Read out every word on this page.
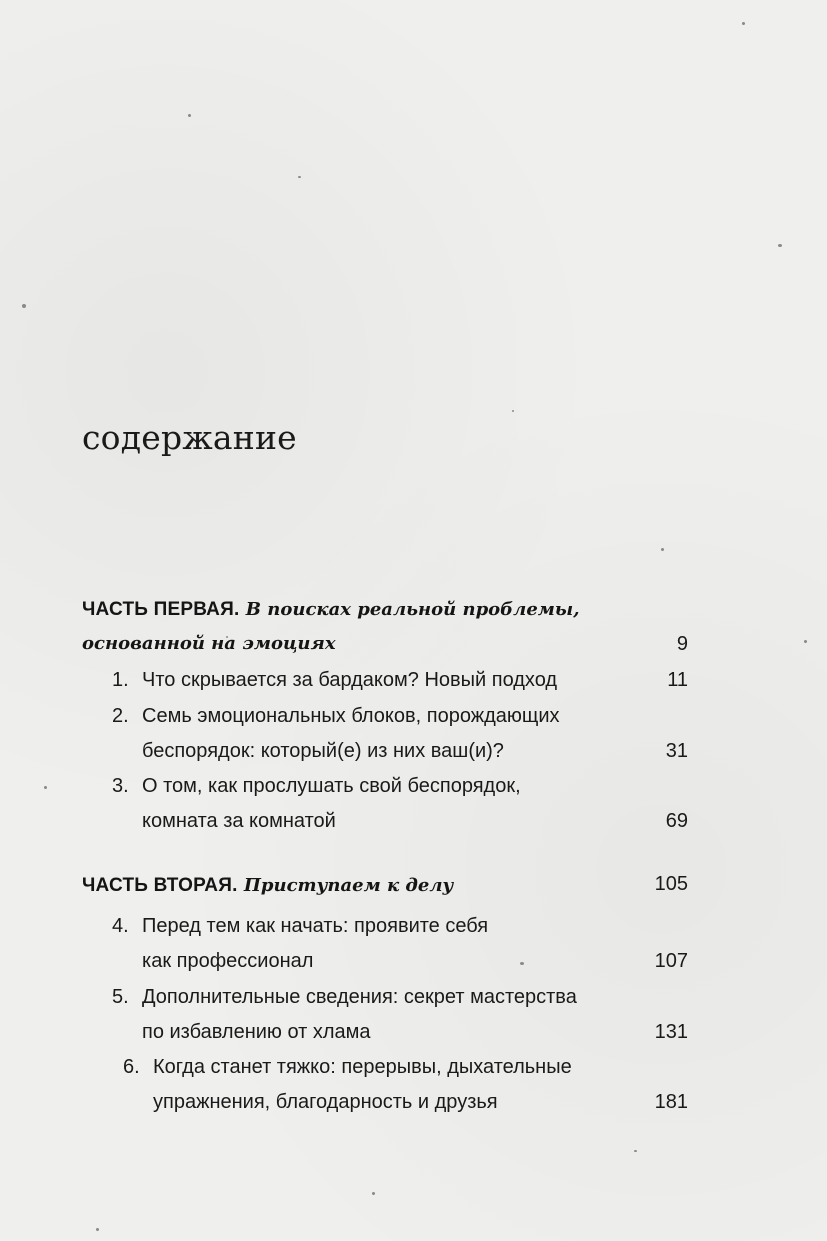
содержание
ЧАСТЬ ПЕРВАЯ. В поисках реальной проблемы,
основанной на эмоциях	9
1. Что скрывается за бардаком? Новый подход	11
2. Семь эмоциональных блоков, порождающих
беспорядок: который(е) из них ваш(и)?	31
3. О том, как прослушать свой беспорядок,
комната за комнатой	69
ЧАСТЬ ВТОРАЯ. Приступаем к делу	105
4. Перед тем как начать: проявите себя
как профессионал	107
5. Дополнительные сведения: секрет мастерства
по избавлению от хлама	131
6. Когда станет тяжко: перерывы, дыхательные
упражнения, благодарность и друзья	181
